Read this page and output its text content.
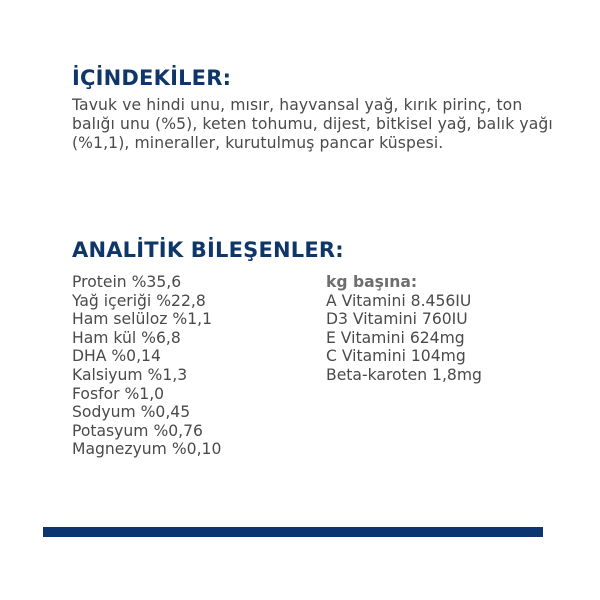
İÇİNDEKİLER:

Tavuk ve hindi unu, mısır, hayvansal yağ, kırık pirinç, ton balığı unu (%5), keten tohumu, dijest, bitkisel yağ, balık yağı (%1,1), mineraller, kurutulmuş pancar küspesi.

ANALİTİK BİLEŞENLER:
Protein %35,6
Yağ içeriği %22,8
Ham selüloz %1,1
Ham kül %6,8
DHA %0,14
Kalsiyum %1,3
Fosfor %1,0
Sodyum %0,45
Potasyum %0,76
Magnezyum %0,10
kg başına:
A Vitamini 8.456IU
D3 Vitamini 760IU
E Vitamini 624mg
C Vitamini 104mg
Beta-karoten 1,8mg
